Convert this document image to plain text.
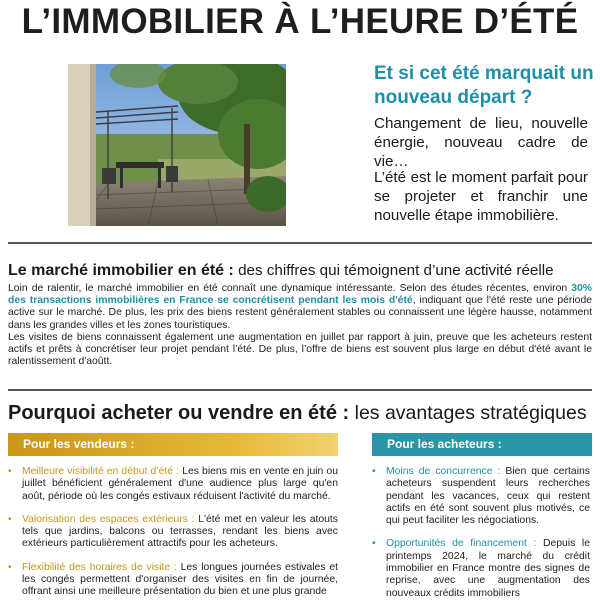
L’IMMOBILIER À L’HEURE D’ÉTÉ
Et si cet été marquait un nouveau départ ?
Changement de lieu, nouvelle énergie, nouveau cadre de vie…
L’été est le moment parfait pour se projeter et franchir une nouvelle étape immobilière.
Le marché immobilier en été : des chiffres qui témoignent d’une activité réelle

Loin de ralentir, le marché immobilier en été connaît une dynamique intéressante. Selon des études récentes, environ 30% des transactions immobilières en France se concrétisent pendant les mois d'été, indiquant que l'été reste une période active sur le marché. De plus, les prix des biens restent généralement stables ou connaissent une légère hausse, notamment dans les grandes villes et les zones touristiques.

Les visites de biens connaissent également une augmentation en juillet par rapport à juin, preuve que les acheteurs restent actifs et prêts à concrétiser leur projet pendant l’été. De plus, l’offre de biens est souvent plus large en début d'été avant le ralentissement d'aoûtt.

Pourquoi acheter ou vendre en été : les avantages stratégiques
Pour les vendeurs :	Pour les acheteurs :
• Meilleure visibilité en début d’été : Les biens mis en vente en juin ou juillet bénéficient généralement d'une audience plus large qu'en août, période où les congés estivaux réduisent l'activité du marché.
• Valorisation des espaces extérieurs : L'été met en valeur les atouts tels que jardins, balcons ou terrasses, rendant les biens avec extérieurs particulièrement attractifs pour les acheteurs.
• Flexibilité des horaires de visite : Les longues journées estivales et les congés permettent d'organiser des visites en fin de journée, offrant ainsi une meilleure présentation du bien et une plus grande
• Moins de concurrence : Bien que certains acheteurs suspendent leurs recherches pendant les vacances, ceux qui restent actifs en été sont souvent plus motivés, ce qui peut faciliter les négociations.
• Opportunités de financement : Depuis le printemps 2024, le marché du crédit immobilier en France montre des signes de reprise, avec une augmentation des nouveaux crédits immobiliers
